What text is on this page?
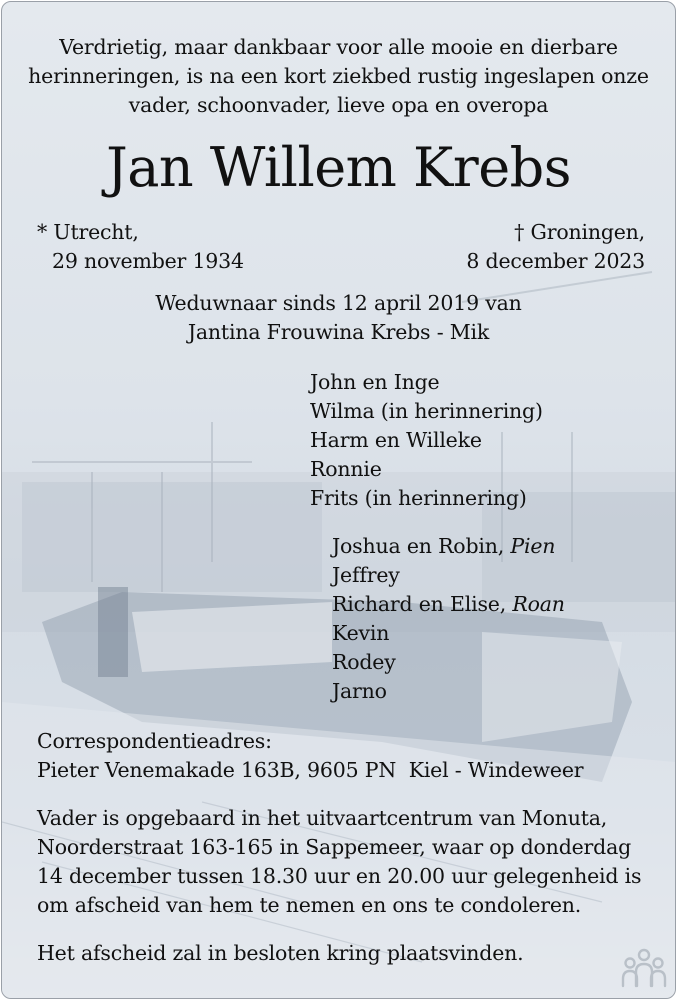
Verdrietig, maar dankbaar voor alle mooie en dierbare
herinneringen, is na een kort ziekbed rustig ingeslapen onze
vader, schoonvader, lieve opa en overopa
Jan Willem Krebs
* Utrecht,
29 november 1934
† Groningen,
8 december 2023
Weduwnaar sinds 12 april 2019 van
Jantina Frouwina Krebs - Mik
John en Inge
Wilma (in herinnering)
Harm en Willeke
Ronnie
Frits (in herinnering)
Joshua en Robin, Pien
Jeffrey
Richard en Elise, Roan
Kevin
Rodey
Jarno
Correspondentieadres:
Pieter Venemakade 163B, 9605 PN  Kiel - Windeweer
Vader is opgebaard in het uitvaartcentrum van Monuta,
Noorderstraat 163-165 in Sappemeer, waar op donderdag
14 december tussen 18.30 uur en 20.00 uur gelegenheid is
om afscheid van hem te nemen en ons te condoleren.
Het afscheid zal in besloten kring plaatsvinden.
